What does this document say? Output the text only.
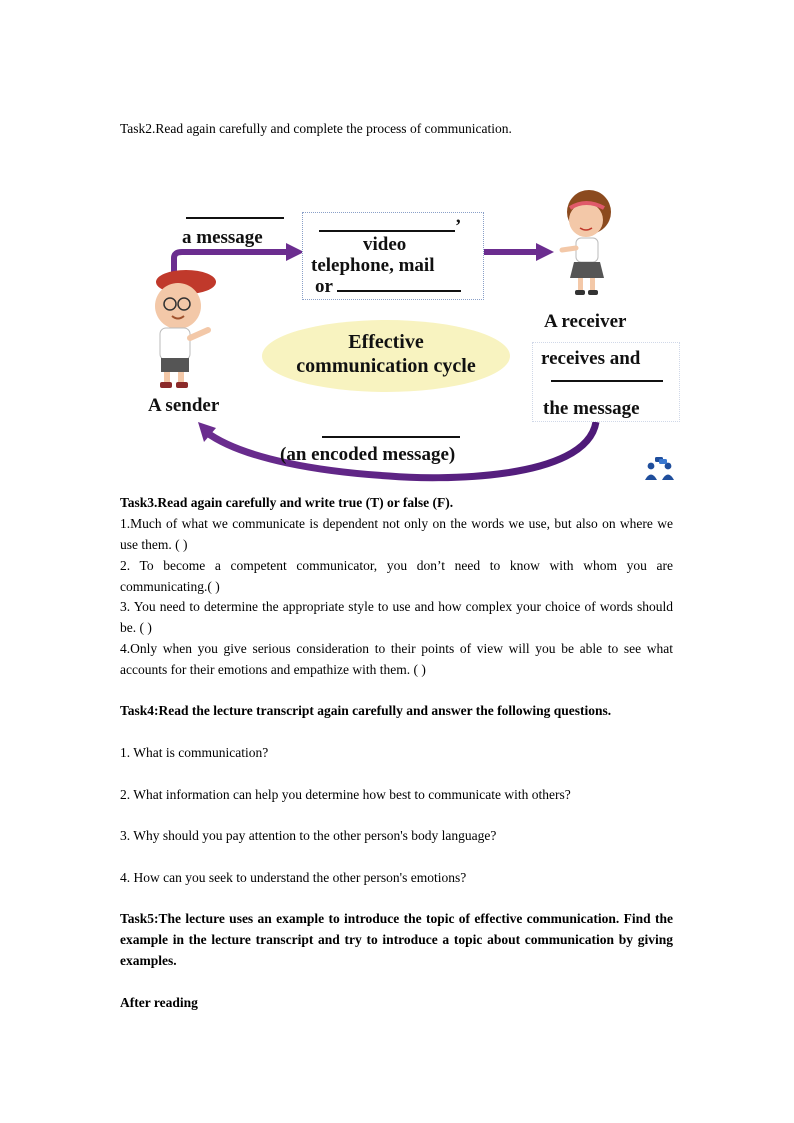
Task2.Read again carefully and complete the process of communication.

a message
’
video
telephone, mail
or
Effective
communication cycle
A receiver
receives and
the message
A sender
(an encoded message)

Task3.Read again carefully and write true (T) or false (F).

1.Much of what we communicate is dependent not only on the words we use, but also on where we use them. ( )

2. To become a competent communicator, you don’t need to know with whom you are communicating.( )

3. You need to determine the appropriate style to use and how complex your choice of words should be. ( )

4.Only when you give serious consideration to their points of view will you be able to see what accounts for their emotions and empathize with them. ( )

Task4:Read the lecture transcript again carefully and answer the following questions.

1. What is communication?

2. What information can help you determine how best to communicate with others?

3. Why should you pay attention to the other person's body language?

4. How can you seek to understand the other person's emotions?

Task5:The lecture uses an example to introduce the topic of effective communication. Find the example in the lecture transcript and try to introduce a topic about communication by giving examples.

After reading
